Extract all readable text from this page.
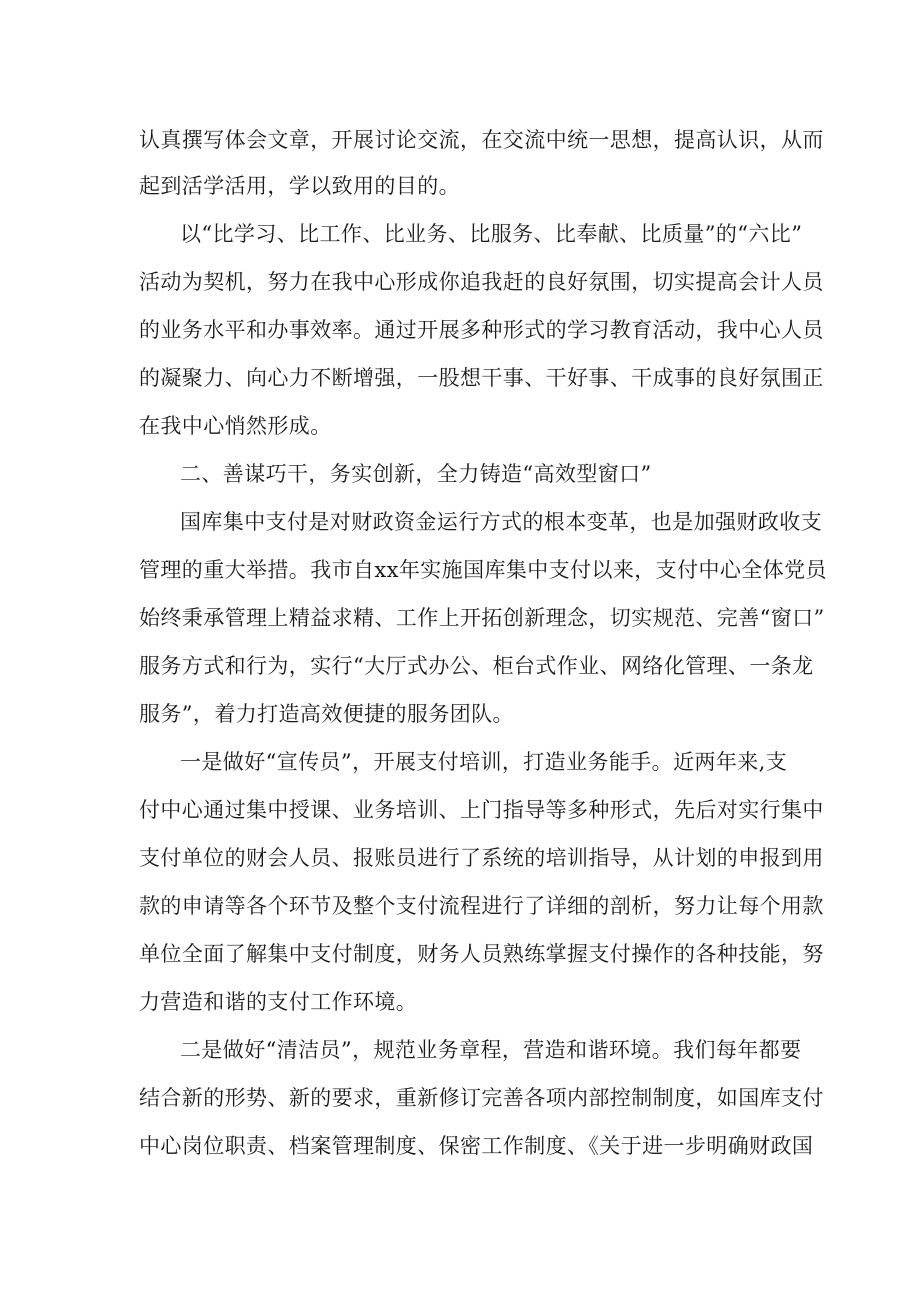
认真撰写体会文章，开展讨论交流，在交流中统一思想，提高认识，从而
起到活学活用，学以致用的目的。
以“比学习、比工作、比业务、比服务、比奉献、比质量”的“六比”
活动为契机，努力在我中心形成你追我赶的良好氛围，切实提高会计人员
的业务水平和办事效率。通过开展多种形式的学习教育活动，我中心人员
的凝聚力、向心力不断增强，一股想干事、干好事、干成事的良好氛围正
在我中心悄然形成。
二、善谋巧干，务实创新，全力铸造“高效型窗口”
国库集中支付是对财政资金运行方式的根本变革，也是加强财政收支
管理的重大举措。我市自xx年实施国库集中支付以来，支付中心全体党员
始终秉承管理上精益求精、工作上开拓创新理念，切实规范、完善“窗口”
服务方式和行为，实行“大厅式办公、柜台式作业、网络化管理、一条龙
服务”，着力打造高效便捷的服务团队。
一是做好“宣传员”，开展支付培训，打造业务能手。近两年来,支
付中心通过集中授课、业务培训、上门指导等多种形式，先后对实行集中
支付单位的财会人员、报账员进行了系统的培训指导，从计划的申报到用
款的申请等各个环节及整个支付流程进行了详细的剖析，努力让每个用款
单位全面了解集中支付制度，财务人员熟练掌握支付操作的各种技能，努
力营造和谐的支付工作环境。
二是做好“清洁员”，规范业务章程，营造和谐环境。我们每年都要
结合新的形势、新的要求，重新修订完善各项内部控制制度，如国库支付
中心岗位职责、档案管理制度、保密工作制度、《关于进一步明确财政国
